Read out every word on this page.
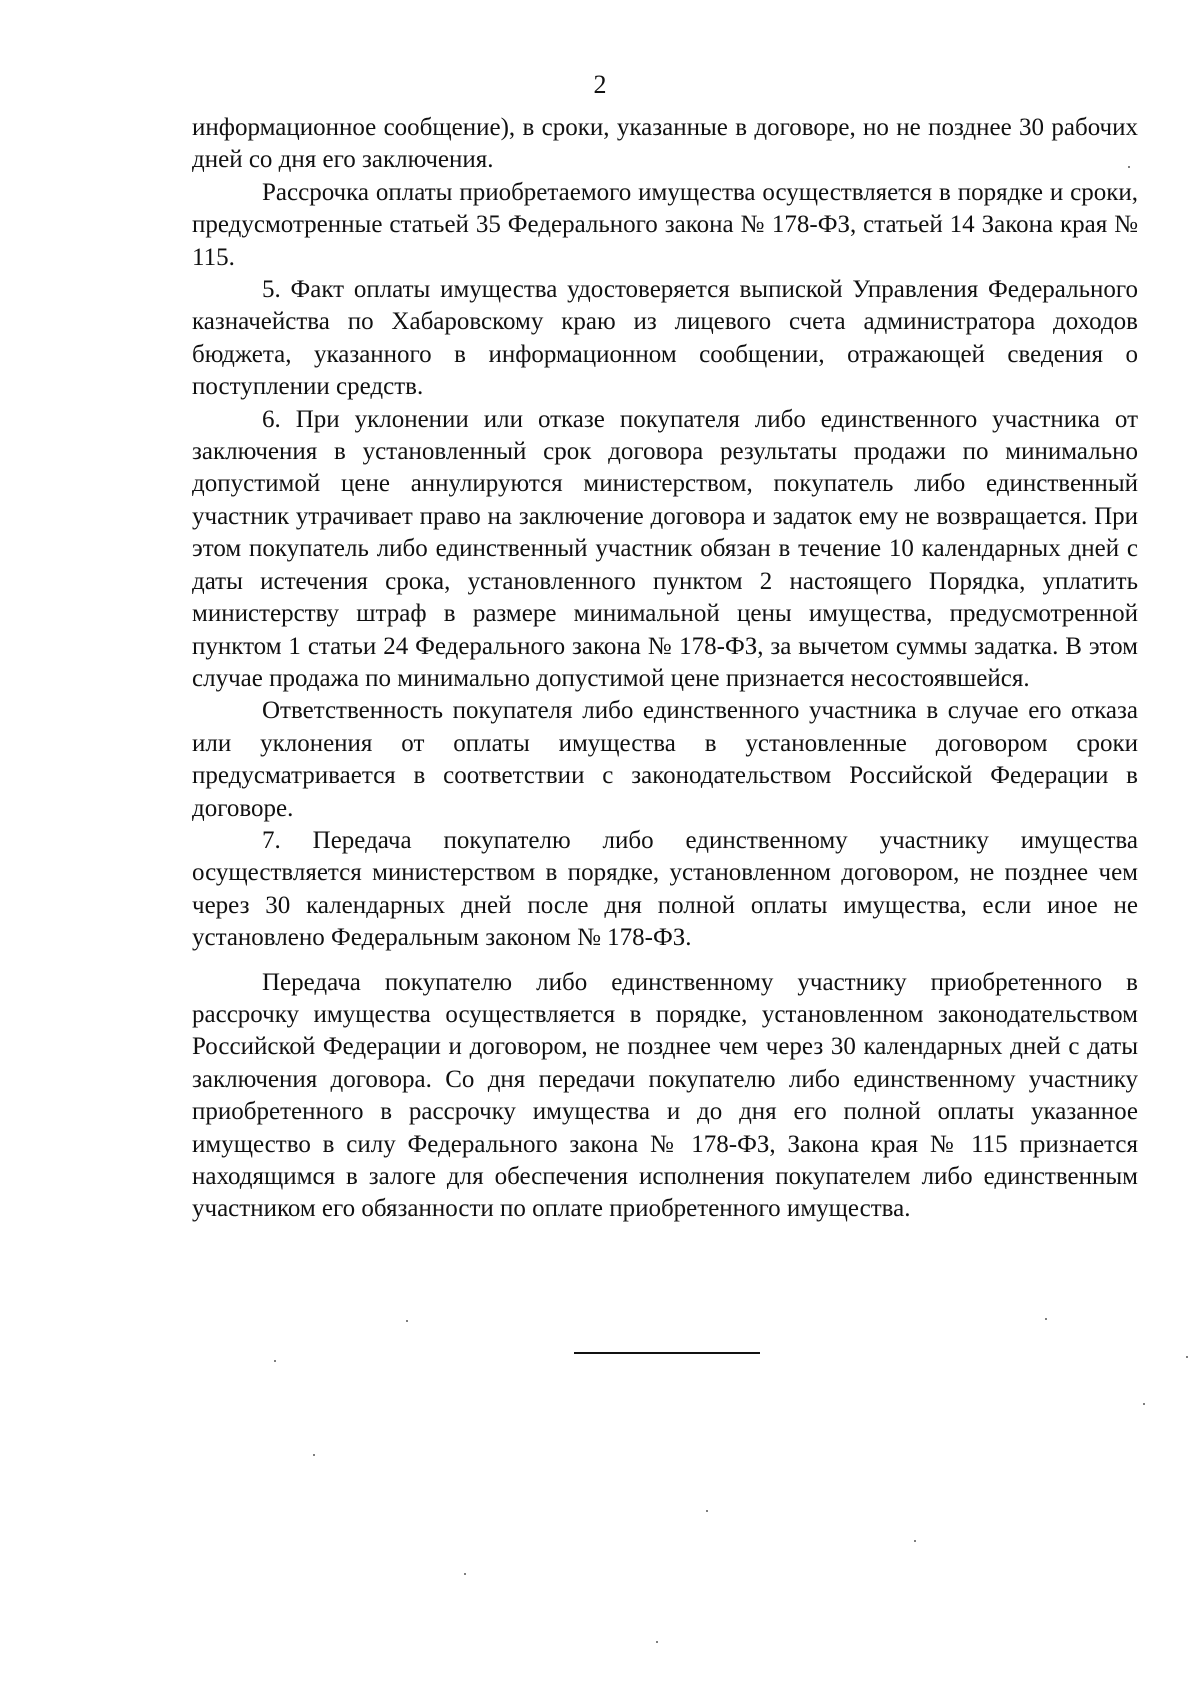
2

информационное сообщение), в сроки, указанные в договоре, но не позднее 30 рабочих дней со дня его заключения.

Рассрочка оплаты приобретаемого имущества осуществляется в порядке и сроки, предусмотренные статьей 35 Федерального закона № 178-ФЗ, статьей 14 Закона края № 115.

5. Факт оплаты имущества удостоверяется выпиской Управления Федерального казначейства по Хабаровскому краю из лицевого счета администратора доходов бюджета, указанного в информационном сообщении, отражающей сведения о поступлении средств.

6. При уклонении или отказе покупателя либо единственного участника от заключения в установленный срок договора результаты продажи по минимально допустимой цене аннулируются министерством, покупатель либо единственный участник утрачивает право на заключение договора и задаток ему не возвращается. При этом покупатель либо единственный участник обязан в течение 10 календарных дней с даты истечения срока, установленного пунктом 2 настоящего Порядка, уплатить министерству штраф в размере минимальной цены имущества, предусмотренной пунктом 1 статьи 24 Федерального закона № 178-ФЗ, за вычетом суммы задатка. В этом случае продажа по минимально допустимой цене признается несостоявшейся.

Ответственность покупателя либо единственного участника в случае его отказа или уклонения от оплаты имущества в установленные договором сроки предусматривается в соответствии с законодательством Российской Федерации в договоре.

7. Передача покупателю либо единственному участнику имущества осуществляется министерством в порядке, установленном договором, не позднее чем через 30 календарных дней после дня полной оплаты имущества, если иное не установлено Федеральным законом № 178-ФЗ.

Передача покупателю либо единственному участнику приобретенного в рассрочку имущества осуществляется в порядке, установленном законодательством Российской Федерации и договором, не позднее чем через 30 календарных дней с даты заключения договора. Со дня передачи покупателю либо единственному участнику приобретенного в рассрочку имущества и до дня его полной оплаты указанное имущество в силу Федерального закона № 178-ФЗ, Закона края № 115 признается находящимся в залоге для обеспечения исполнения покупателем либо единственным участником его обязанности по оплате приобретенного имущества.
